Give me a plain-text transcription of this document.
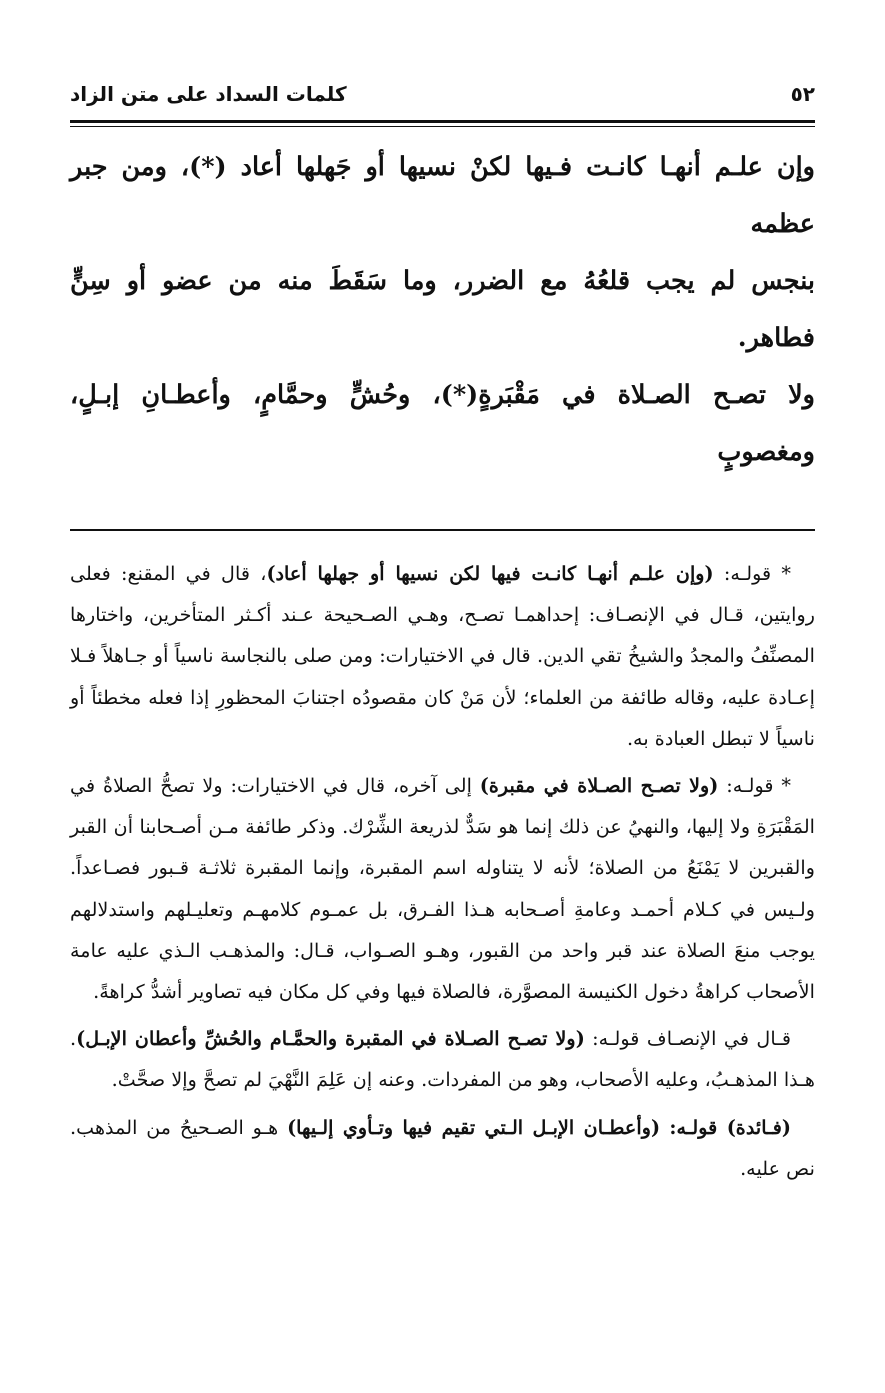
٥٢
كلمات السداد على متن الزاد

وإن علـم أنهـا كانـت فـيها لكنْ نسيها أو جَهلها أعاد (*)، ومن جبر عظمه

بنجس لم يجب قلعُهُ مع الضرر، وما سَقَطَ منه من عضو أو سِنٍّ فطاهر.

ولا تصـح الصـلاة في مَقْبَرةٍ(*)، وحُشٍّ وحمَّامٍ، وأعطـانِ إبـلٍ، ومغصوبٍ

* قولـه: (وإن علـم أنهـا كانـت فيها لكن نسيها أو جهلها أعاد)، قال في المقنع: فعلى روايتين، قـال في الإنصـاف: إحداهمـا تصـح، وهـي الصـحيحة عـند أكـثر المتأخرين، واختارها المصنِّفُ والمجدُ والشيخُ تقي الدين. قال في الاختيارات: ومن صلى بالنجاسة ناسياً أو جـاهلاً فـلا إعـادة عليه، وقاله طائفة من العلماء؛ لأن مَنْ كان مقصودُه اجتنابَ المحظورِ إذا فعله مخطئاً أو ناسياً لا تبطل العبادة به.

* قولـه: (ولا تصـح الصـلاة في مقبرة) إلى آخره، قال في الاختيارات: ولا تصحُّ الصلاةُ في المَقْبَرَةِ ولا إليها، والنهيُ عن ذلك إنما هو سَدٌّ لذريعة الشِّرْك. وذكر طائفة مـن أصـحابنا أن القبر والقبرين لا يَمْنَعُ من الصلاة؛ لأنه لا يتناوله اسم المقبرة، وإنما المقبرة ثلاثـة قـبور فصـاعداً. ولـيس في كـلام أحمـد وعامةِ أصـحابه هـذا الفـرق، بل عمـوم كلامهـم وتعليـلهم واستدلالهم يوجب منعَ الصلاة عند قبر واحد من القبور، وهـو الصـواب، قـال: والمذهـب الـذي عليه عامة الأصحاب كراهةُ دخول الكنيسة المصوَّرة، فالصلاة فيها وفي كل مكان فيه تصاوير أشدُّ كراهةً.

قـال في الإنصـاف قولـه: (ولا تصـح الصـلاة في المقبرة والحمَّـام والحُشِّ وأعطان الإبـل). هـذا المذهـبُ، وعليه الأصحاب، وهو من المفردات. وعنه إن عَلِمَ النَّهْيَ لم تصحَّ وإلا صحَّتْ.

(فـائدة) قولـه: (وأعطـان الإبـل الـتي تقيم فيها وتـأوي إلـيها) هـو الصـحيحُ من المذهب. نص عليه.
